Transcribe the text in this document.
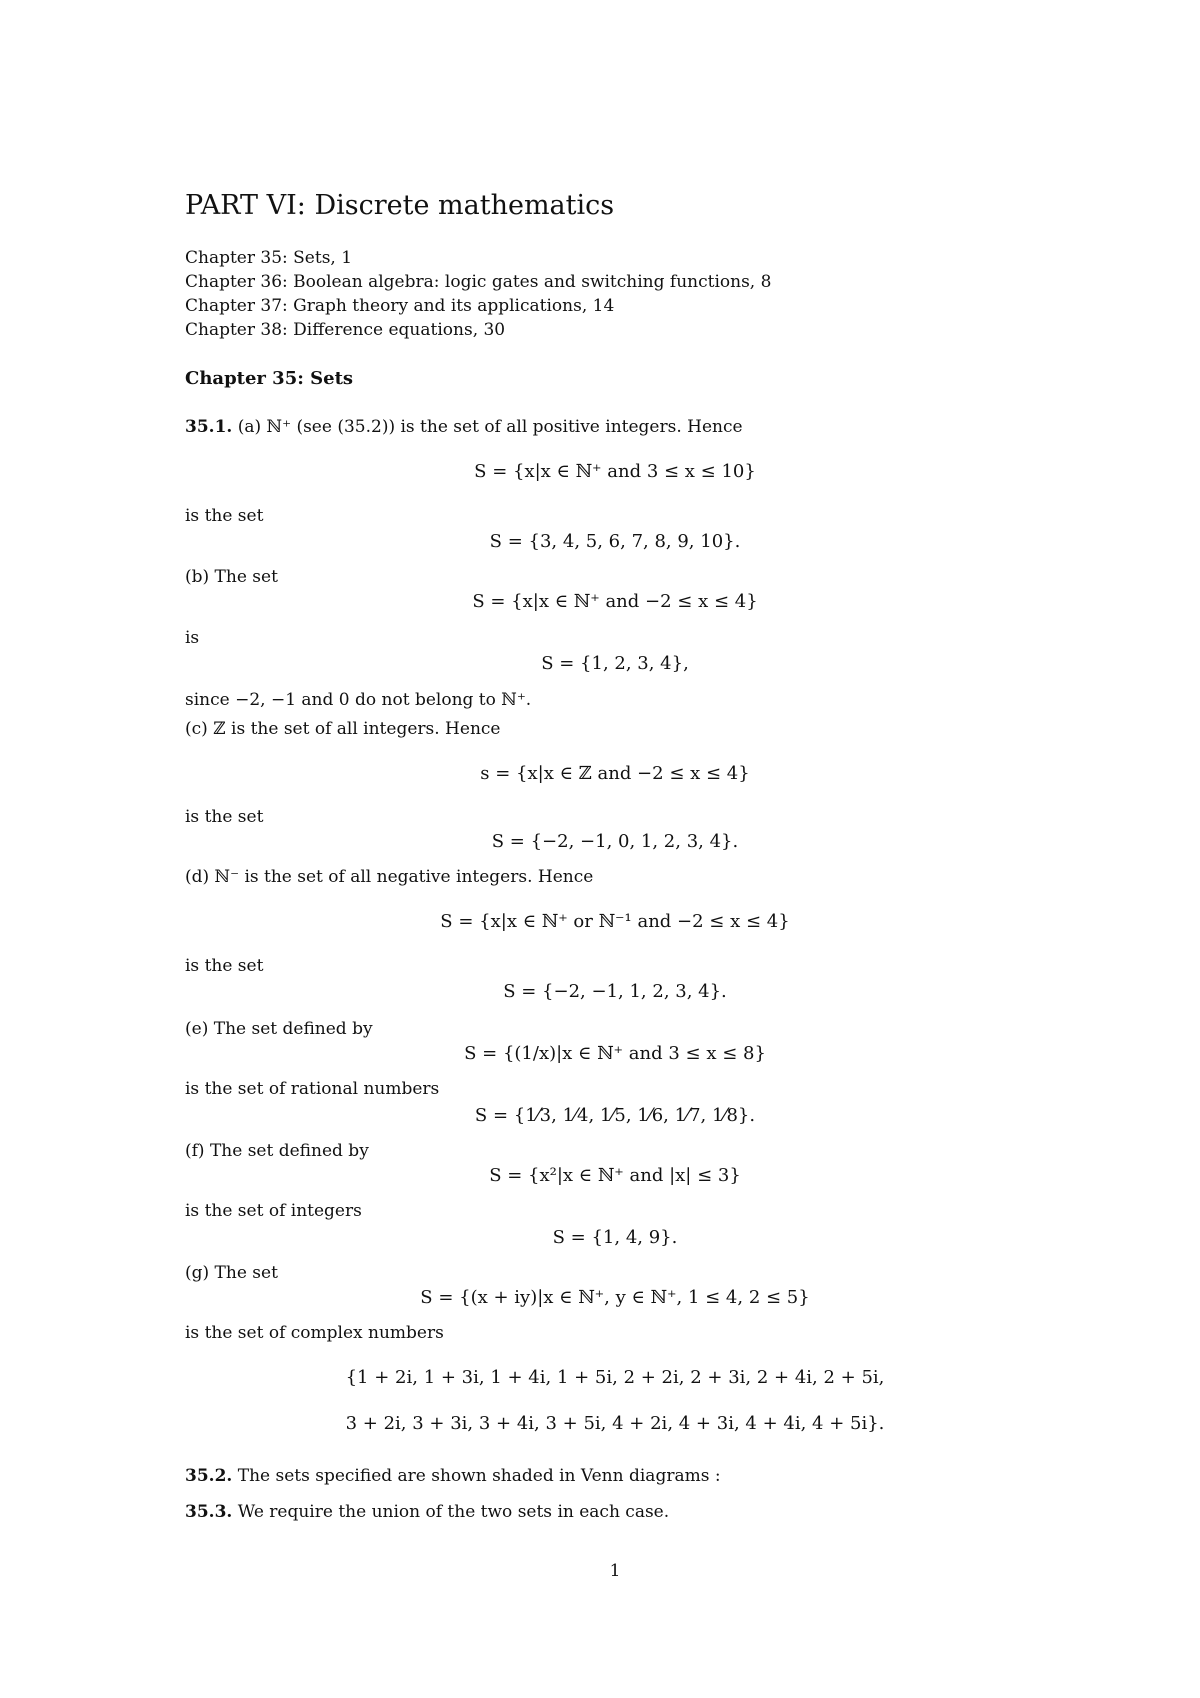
PART VI: Discrete mathematics
Chapter 35: Sets, 1
Chapter 36: Boolean algebra: logic gates and switching functions, 8
Chapter 37: Graph theory and its applications, 14
Chapter 38: Difference equations, 30
Chapter 35: Sets
35.1. (a) ℕ⁺ (see (35.2)) is the set of all positive integers. Hence
S = {x|x ∈ ℕ⁺ and 3 ≤ x ≤ 10}
is the set
S = {3, 4, 5, 6, 7, 8, 9, 10}.
(b) The set
S = {x|x ∈ ℕ⁺ and −2 ≤ x ≤ 4}
is
S = {1, 2, 3, 4},
since −2, −1 and 0 do not belong to ℕ⁺.
(c) ℤ is the set of all integers. Hence
s = {x|x ∈ ℤ and −2 ≤ x ≤ 4}
is the set
S = {−2, −1, 0, 1, 2, 3, 4}.
(d) ℕ⁻ is the set of all negative integers. Hence
S = {x|x ∈ ℕ⁺ or ℕ⁻¹ and −2 ≤ x ≤ 4}
is the set
S = {−2, −1, 1, 2, 3, 4}.
(e) The set defined by
S = {(1/x)|x ∈ ℕ⁺ and 3 ≤ x ≤ 8}
is the set of rational numbers
S = {1⁄3, 1⁄4, 1⁄5, 1⁄6, 1⁄7, 1⁄8}.
(f) The set defined by
S = {x²|x ∈ ℕ⁺ and |x| ≤ 3}
is the set of integers
S = {1, 4, 9}.
(g) The set
S = {(x + iy)|x ∈ ℕ⁺, y ∈ ℕ⁺, 1 ≤ 4, 2 ≤ 5}
is the set of complex numbers
{1 + 2i, 1 + 3i, 1 + 4i, 1 + 5i, 2 + 2i, 2 + 3i, 2 + 4i, 2 + 5i,
3 + 2i, 3 + 3i, 3 + 4i, 3 + 5i, 4 + 2i, 4 + 3i, 4 + 4i, 4 + 5i}.
35.2. The sets specified are shown shaded in Venn diagrams :
35.3. We require the union of the two sets in each case.
1
